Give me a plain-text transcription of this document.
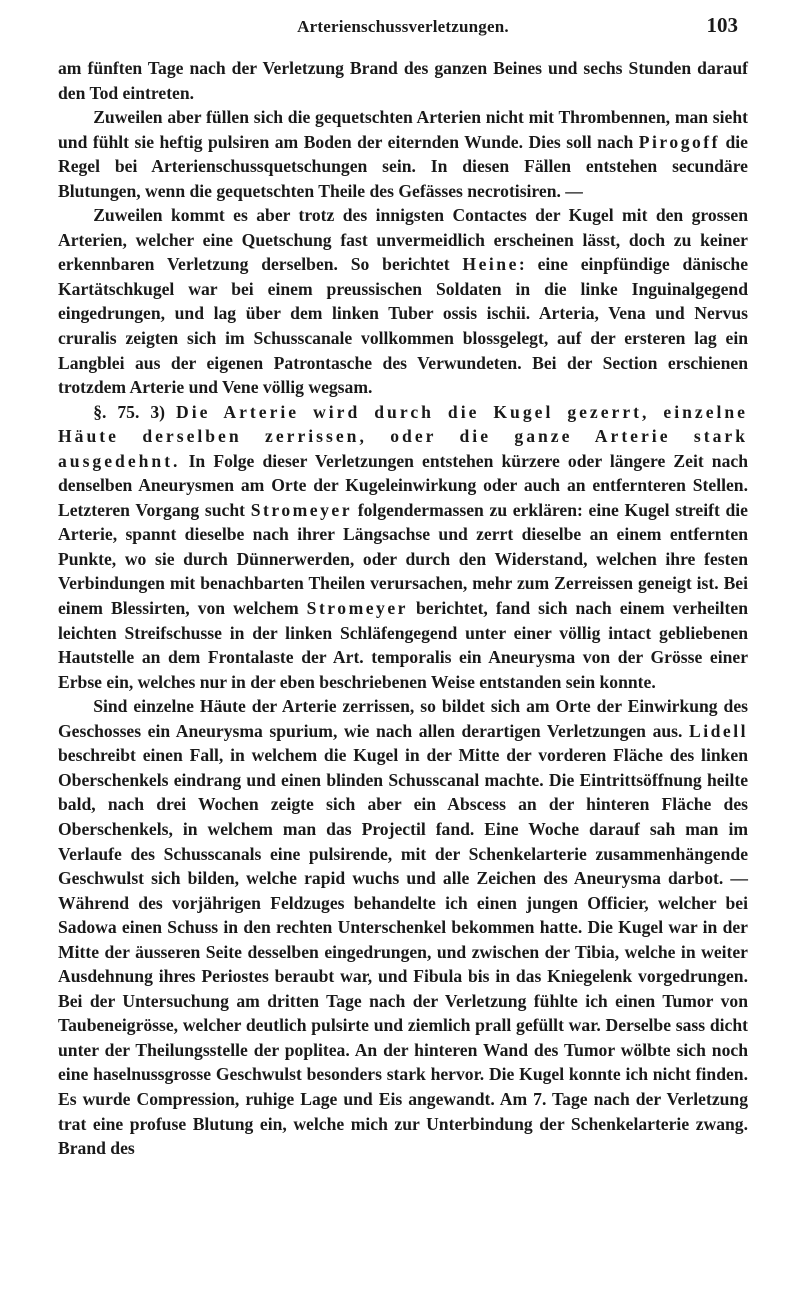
Arterienschussverletzungen.	103

am fünften Tage nach der Verletzung Brand des ganzen Beines und sechs Stunden darauf den Tod eintreten.

Zuweilen aber füllen sich die gequetschten Arterien nicht mit Thrombennen, man sieht und fühlt sie heftig pulsiren am Boden der eiternden Wunde. Dies soll nach Pirogoff die Regel bei Arterienschussquetschungen sein. In diesen Fällen entstehen secundäre Blutungen, wenn die gequetschten Theile des Gefässes necrotisiren. —

Zuweilen kommt es aber trotz des innigsten Contactes der Kugel mit den grossen Arterien, welcher eine Quetschung fast unvermeidlich erscheinen lässt, doch zu keiner erkennbaren Verletzung derselben. So berichtet Heine: eine einpfündige dänische Kartätschkugel war bei einem preussischen Soldaten in die linke Inguinalgegend eingedrungen, und lag über dem linken Tuber ossis ischii. Arteria, Vena und Nervus cruralis zeigten sich im Schusscanale vollkommen blossgelegt, auf der ersteren lag ein Langblei aus der eigenen Patrontasche des Verwundeten. Bei der Section erschienen trotzdem Arterie und Vene völlig wegsam.

§. 75. 3) Die Arterie wird durch die Kugel gezerrt, einzelne Häute derselben zerrissen, oder die ganze Arterie stark ausgedehnt. In Folge dieser Verletzungen entstehen kürzere oder längere Zeit nach denselben Aneurysmen am Orte der Kugeleinwirkung oder auch an entfernteren Stellen. Letzteren Vorgang sucht Stromeyer folgendermassen zu erklären: eine Kugel streift die Arterie, spannt dieselbe nach ihrer Längsachse und zerrt dieselbe an einem entfernten Punkte, wo sie durch Dünnerwerden, oder durch den Widerstand, welchen ihre festen Verbindungen mit benachbarten Theilen verursachen, mehr zum Zerreissen geneigt ist. Bei einem Blessirten, von welchem Stromeyer berichtet, fand sich nach einem verheilten leichten Streifschusse in der linken Schläfengegend unter einer völlig intact gebliebenen Hautstelle an dem Frontalaste der Art. temporalis ein Aneurysma von der Grösse einer Erbse ein, welches nur in der eben beschriebenen Weise entstanden sein konnte.

Sind einzelne Häute der Arterie zerrissen, so bildet sich am Orte der Einwirkung des Geschosses ein Aneurysma spurium, wie nach allen derartigen Verletzungen aus. Lidell beschreibt einen Fall, in welchem die Kugel in der Mitte der vorderen Fläche des linken Oberschenkels eindrang und einen blinden Schusscanal machte. Die Eintrittsöffnung heilte bald, nach drei Wochen zeigte sich aber ein Abscess an der hinteren Fläche des Oberschenkels, in welchem man das Projectil fand. Eine Woche darauf sah man im Verlaufe des Schusscanals eine pulsirende, mit der Schenkelarterie zusammenhängende Geschwulst sich bilden, welche rapid wuchs und alle Zeichen des Aneurysma darbot. — Während des vorjährigen Feldzuges behandelte ich einen jungen Officier, welcher bei Sadowa einen Schuss in den rechten Unterschenkel bekommen hatte. Die Kugel war in der Mitte der äusseren Seite desselben eingedrungen, und zwischen der Tibia, welche in weiter Ausdehnung ihres Periostes beraubt war, und Fibula bis in das Kniegelenk vorgedrungen. Bei der Untersuchung am dritten Tage nach der Verletzung fühlte ich einen Tumor von Taubeneigrösse, welcher deutlich pulsirte und ziemlich prall gefüllt war. Derselbe sass dicht unter der Theilungsstelle der poplitea. An der hinteren Wand des Tumor wölbte sich noch eine haselnussgrosse Geschwulst besonders stark hervor. Die Kugel konnte ich nicht finden. Es wurde Compression, ruhige Lage und Eis angewandt. Am 7. Tage nach der Verletzung trat eine profuse Blutung ein, welche mich zur Unterbindung der Schenkelarterie zwang. Brand des
